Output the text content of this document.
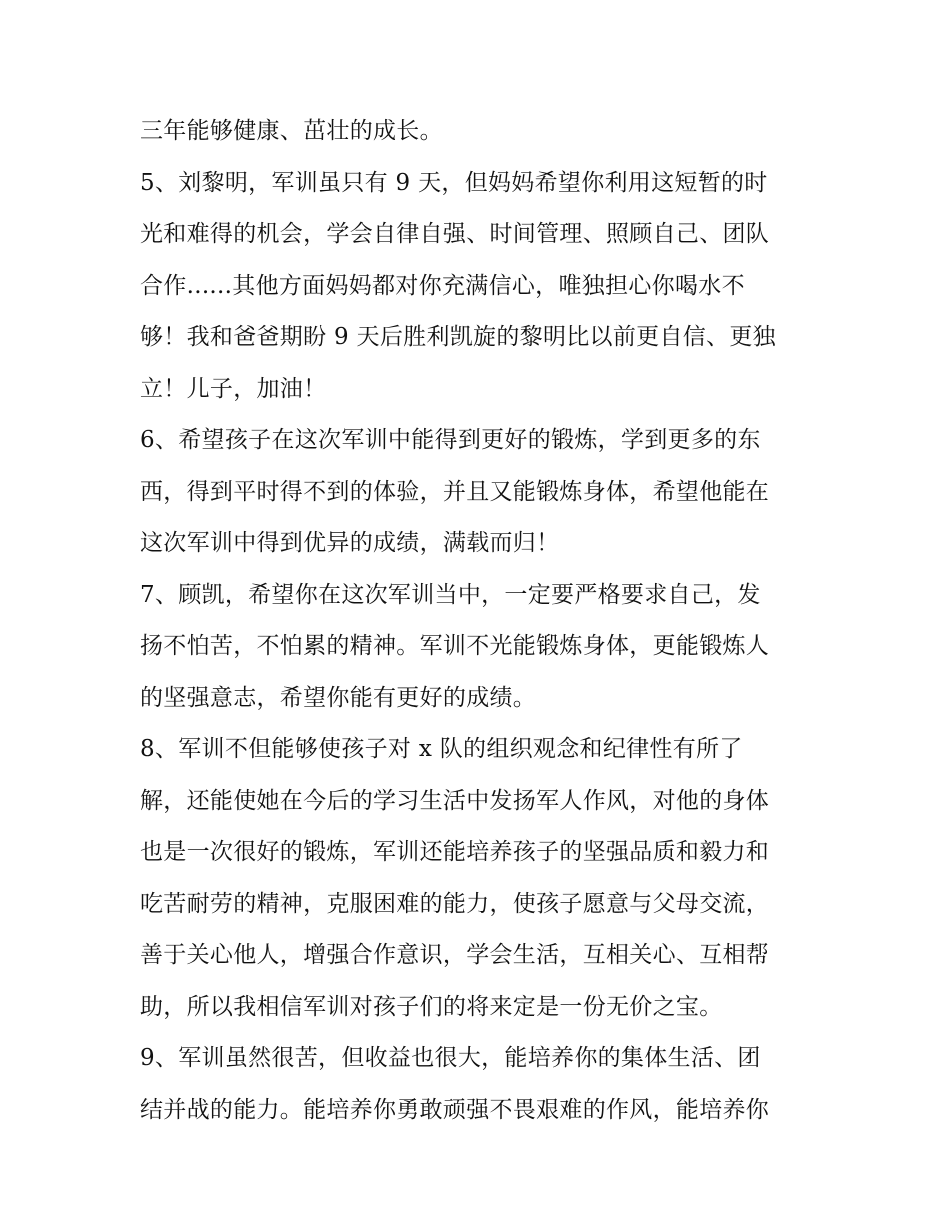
三年能够健康、茁壮的成长。
5、刘黎明，军训虽只有 9 天，但妈妈希望你利用这短暂的时
光和难得的机会，学会自律自强、时间管理、照顾自己、团队
合作......其他方面妈妈都对你充满信心，唯独担心你喝水不
够！我和爸爸期盼 9 天后胜利凯旋的黎明比以前更自信、更独
立！儿子，加油！
6、希望孩子在这次军训中能得到更好的锻炼，学到更多的东
西，得到平时得不到的体验，并且又能锻炼身体，希望他能在
这次军训中得到优异的成绩，满载而归！
7、顾凯，希望你在这次军训当中，一定要严格要求自己，发
扬不怕苦，不怕累的精神。军训不光能锻炼身体，更能锻炼人
的坚强意志，希望你能有更好的成绩。
8、军训不但能够使孩子对 x 队的组织观念和纪律性有所了
解，还能使她在今后的学习生活中发扬军人作风，对他的身体
也是一次很好的锻炼，军训还能培养孩子的坚强品质和毅力和
吃苦耐劳的精神，克服困难的能力，使孩子愿意与父母交流，
善于关心他人，增强合作意识，学会生活，互相关心、互相帮
助，所以我相信军训对孩子们的将来定是一份无价之宝。
9、军训虽然很苦，但收益也很大，能培养你的集体生活、团
结并战的能力。能培养你勇敢顽强不畏艰难的作风，能培养你
